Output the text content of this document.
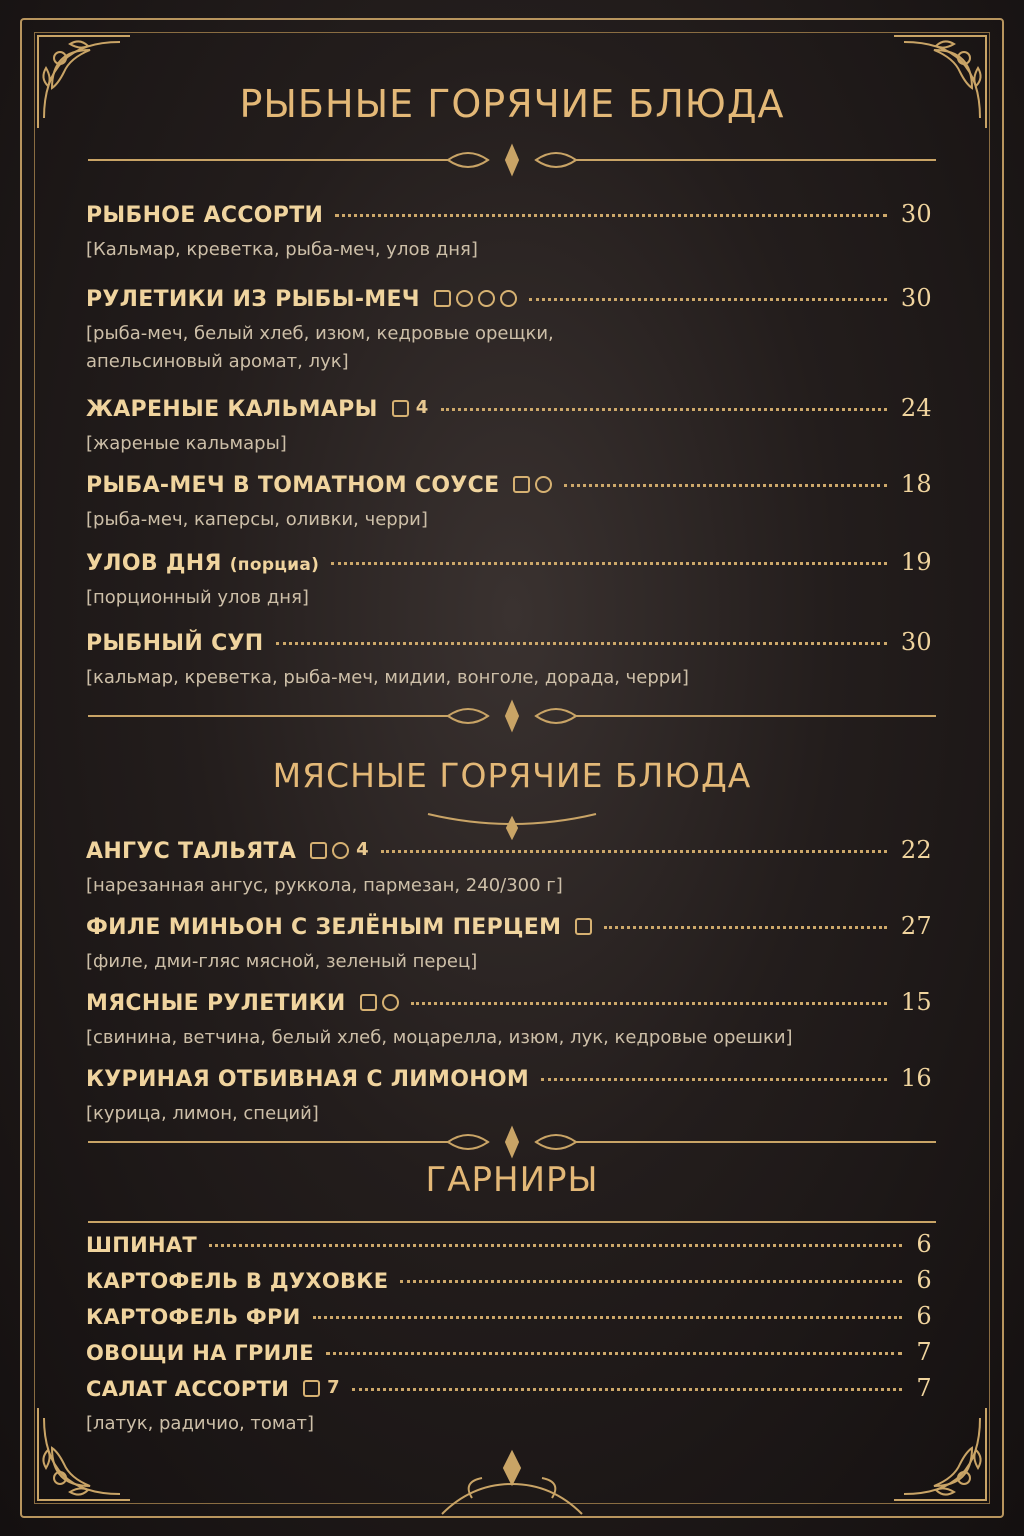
РЫБНЫЕ ГОРЯЧИЕ БЛЮДА
РЫБНОЕ АССОРТИ	30
[Кальмар, креветка, рыба-меч, улов дня]
РУЛЕТИКИ ИЗ РЫБЫ-МЕЧ	30
[рыба-меч, белый хлеб, изюм, кедровые орещки, апельсиновый аромат, лук]
ЖАРЕНЫЕ КАЛЬМАРЫ 4	24
[жареные кальмары]
РЫБА-МЕЧ В ТОМАТНОМ СОУСЕ	18
[рыба-меч, каперсы, оливки, черри]
УЛОВ ДНЯ (порциа)	19
[порционный улов дня]
РЫБНЫЙ СУП	30
[кальмар, креветка, рыба-меч, мидии, вонголе, дорада, черри]
МЯСНЫЕ ГОРЯЧИЕ БЛЮДА
АНГУС ТАЛЬЯТА	4	22
[нарезанная ангус, руккола, пармезан, 240/300 г]
ФИЛЕ МИНЬОН С ЗЕЛЁНЫМ ПЕРЦЕМ	27
[филе, дми-гляс мясной, зеленый перец]
МЯСНЫЕ РУЛЕТИКИ	15
[свинина, ветчина, белый хлеб, моцарелла, изюм, лук, кедровые орешки]
КУРИНАЯ ОТБИВНАЯ С ЛИМОНОМ	16
[курица, лимон, специй]
ГАРНИРЫ
ШПИНАТ	6
КАРТОФЕЛЬ В ДУХОВКЕ	6
КАРТОФЕЛЬ ФРИ	6
ОВОЩИ НА ГРИЛЕ	7
САЛАТ АССОРТИ 7	7
[латук, радичио, томат]
